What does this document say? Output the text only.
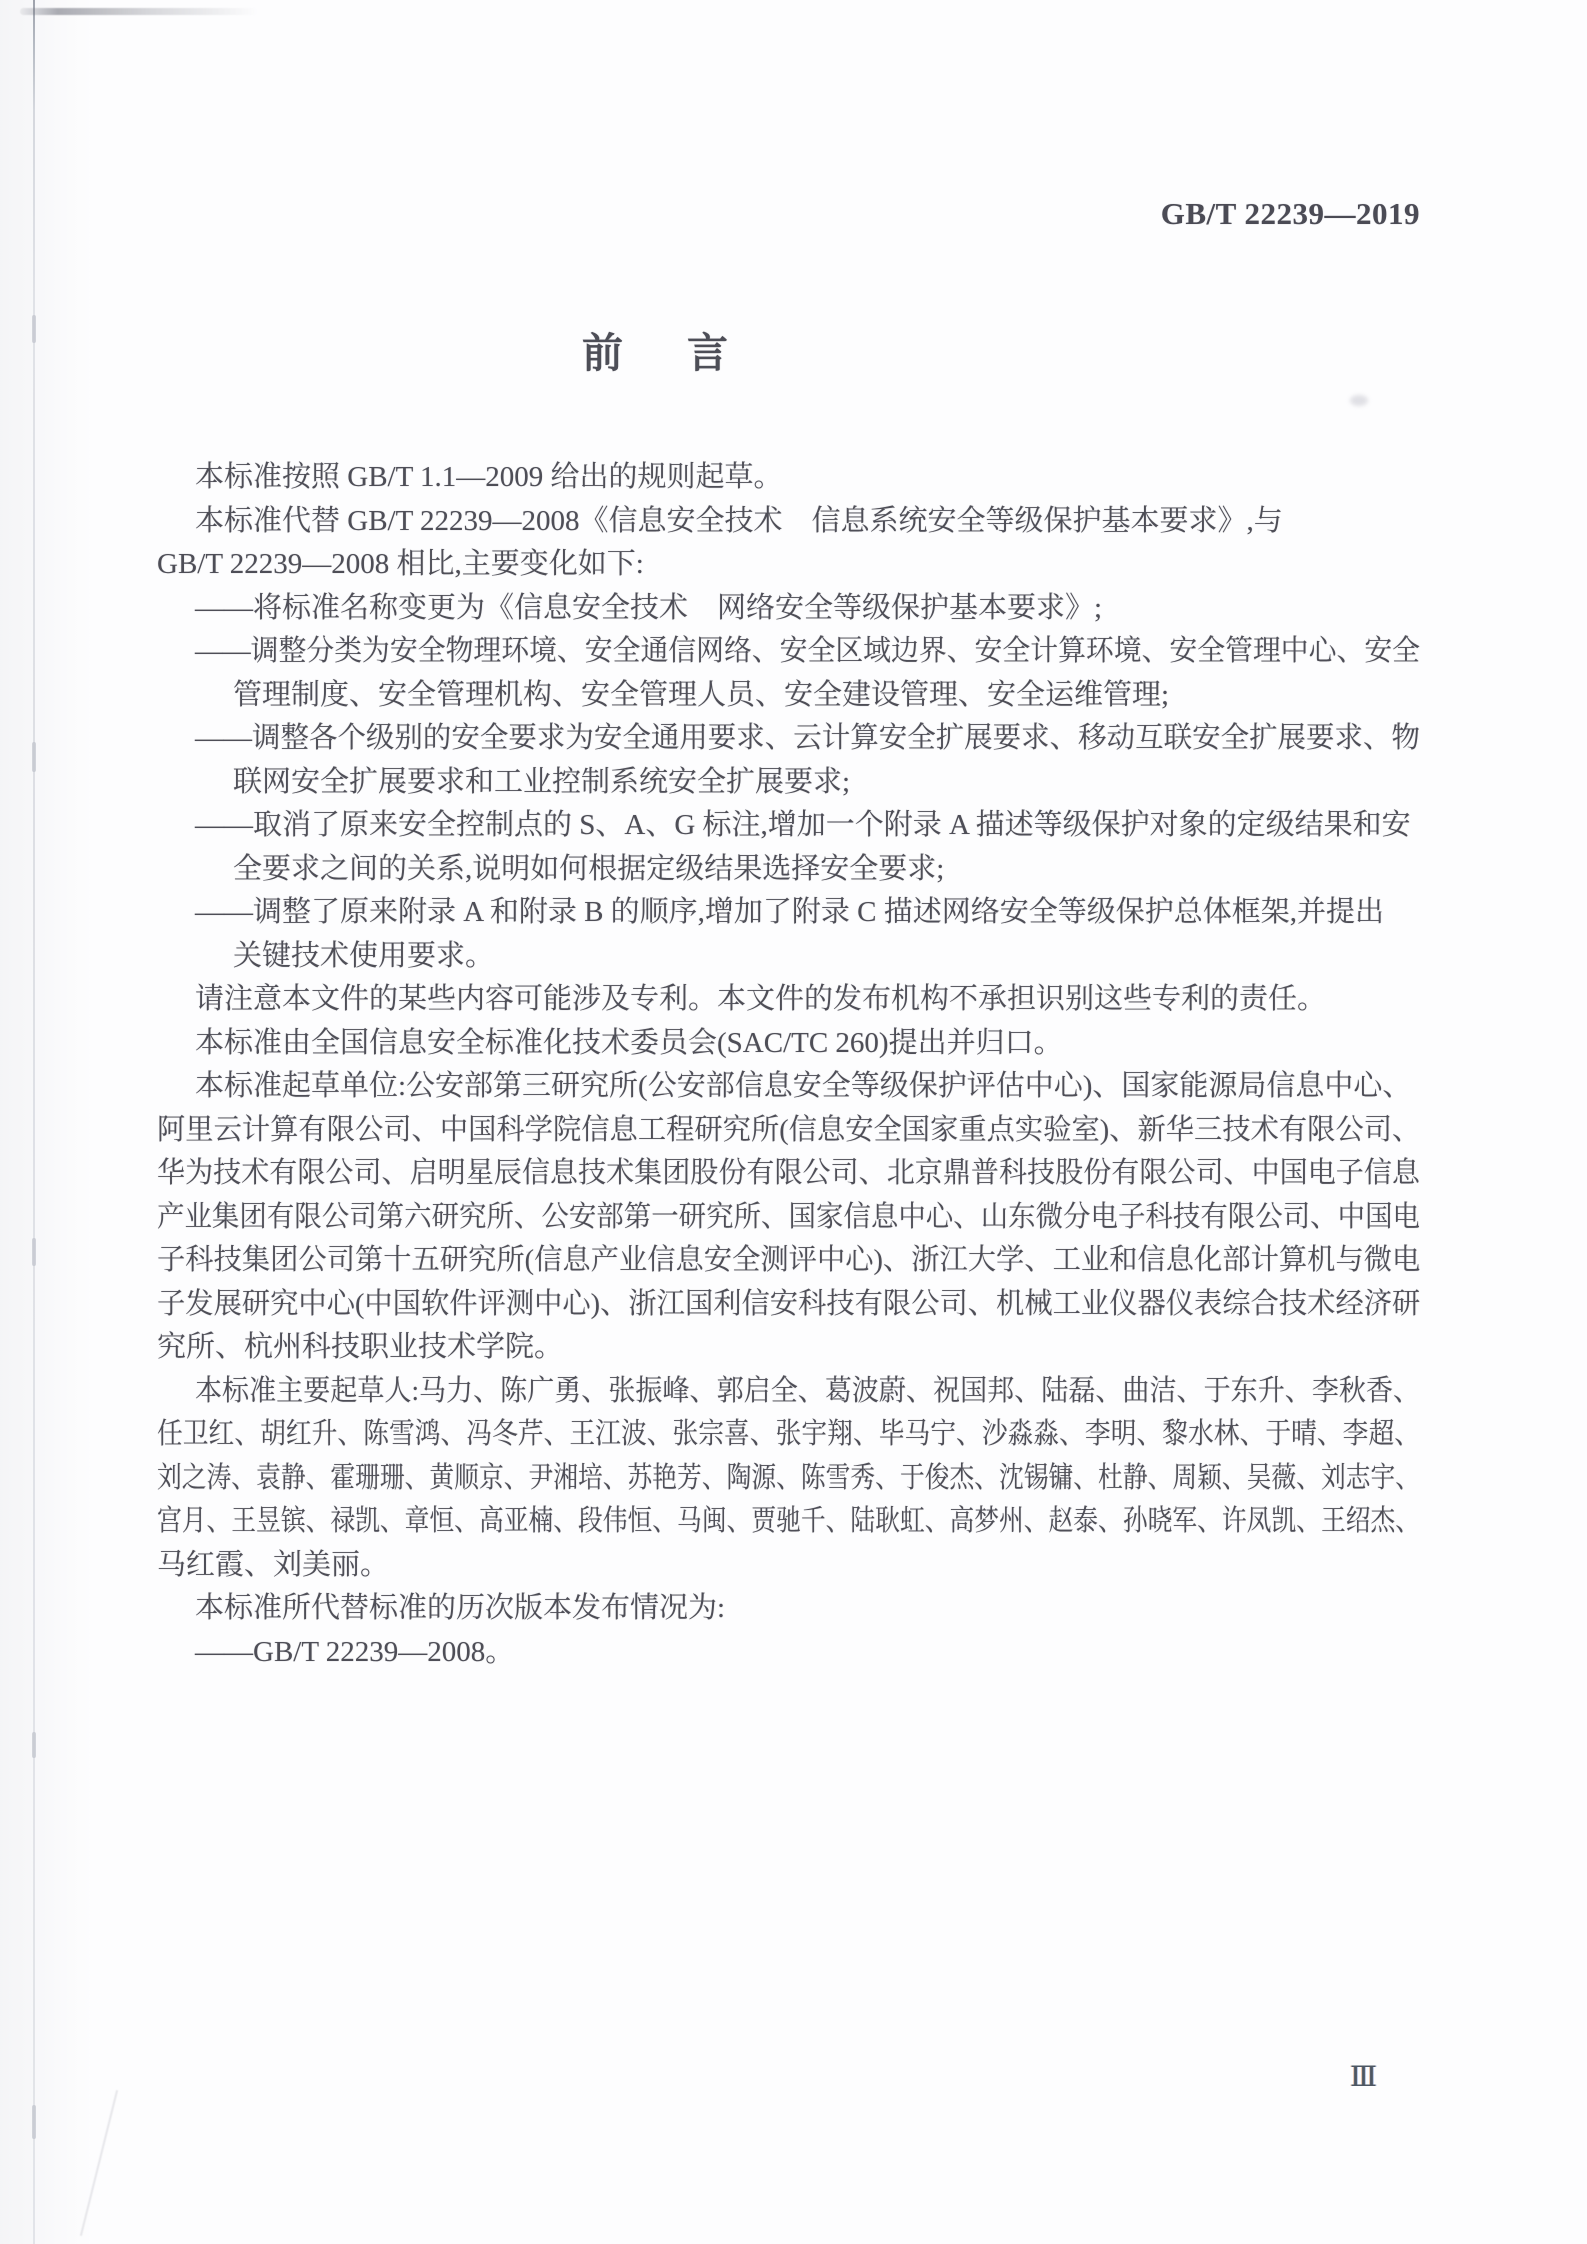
GB/T 22239—2019
前 言
本标准按照 GB/T 1.1—2009 给出的规则起草。
本标准代替 GB/T 22239—2008《信息安全技术　信息系统安全等级保护基本要求》,与
GB/T 22239—2008 相比,主要变化如下:
——将标准名称变更为《信息安全技术　网络安全等级保护基本要求》;
——调整分类为安全物理环境、安全通信网络、安全区域边界、安全计算环境、安全管理中心、安全
管理制度、安全管理机构、安全管理人员、安全建设管理、安全运维管理;
——调整各个级别的安全要求为安全通用要求、云计算安全扩展要求、移动互联安全扩展要求、物
联网安全扩展要求和工业控制系统安全扩展要求;
——取消了原来安全控制点的 S、A、G 标注,增加一个附录 A 描述等级保护对象的定级结果和安
全要求之间的关系,说明如何根据定级结果选择安全要求;
——调整了原来附录 A 和附录 B 的顺序,增加了附录 C 描述网络安全等级保护总体框架,并提出
关键技术使用要求。
请注意本文件的某些内容可能涉及专利。本文件的发布机构不承担识别这些专利的责任。
本标准由全国信息安全标准化技术委员会(SAC/TC 260)提出并归口。
本标准起草单位:公安部第三研究所(公安部信息安全等级保护评估中心)、国家能源局信息中心、
阿里云计算有限公司、中国科学院信息工程研究所(信息安全国家重点实验室)、新华三技术有限公司、
华为技术有限公司、启明星辰信息技术集团股份有限公司、北京鼎普科技股份有限公司、中国电子信息
产业集团有限公司第六研究所、公安部第一研究所、国家信息中心、山东微分电子科技有限公司、中国电
子科技集团公司第十五研究所(信息产业信息安全测评中心)、浙江大学、工业和信息化部计算机与微电
子发展研究中心(中国软件评测中心)、浙江国利信安科技有限公司、机械工业仪器仪表综合技术经济研
究所、杭州科技职业技术学院。
本标准主要起草人:马力、陈广勇、张振峰、郭启全、葛波蔚、祝国邦、陆磊、曲洁、于东升、李秋香、
任卫红、胡红升、陈雪鸿、冯冬芹、王江波、张宗喜、张宇翔、毕马宁、沙淼淼、李明、黎水林、于晴、李超、
刘之涛、袁静、霍珊珊、黄顺京、尹湘培、苏艳芳、陶源、陈雪秀、于俊杰、沈锡镛、杜静、周颖、吴薇、刘志宇、
宫月、王昱镔、禄凯、章恒、高亚楠、段伟恒、马闽、贾驰千、陆耿虹、高梦州、赵泰、孙晓军、许凤凯、王绍杰、
马红霞、刘美丽。
本标准所代替标准的历次版本发布情况为:
——GB/T 22239—2008。
Ⅲ
